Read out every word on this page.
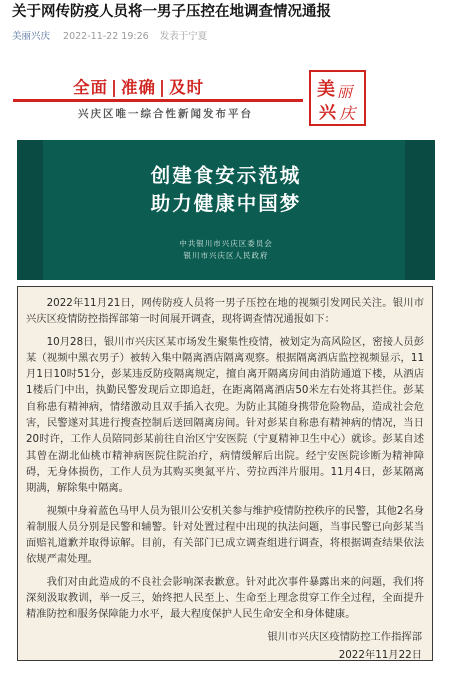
关于网传防疫人员将一男子压控在地调查情况通报
美丽兴庆 2022-11-22 19:26 发表于宁夏
全面 | 准确 | 及时
兴庆区唯一综合性新闻发布平台
美 丽
兴 庆
创建食安示范城
助力健康中国梦
中共银川市兴庆区委员会
银川市兴庆区人民政府

2022年11月21日，网传防疫人员将一男子压控在地的视频引发网民关注。银川市兴庆区疫情防控指挥部第一时间展开调查，现将调查情况通报如下：

10月28日，银川市兴庆区某市场发生聚集性疫情，被划定为高风险区，密接人员彭某（视频中黑衣男子）被转入集中隔离酒店隔离观察。根据隔离酒店监控视频显示，11月1日10时51分，彭某违反防疫隔离规定，擅自离开隔离房间由消防通道下楼，从酒店1楼后门中出，执勤民警发现后立即追赶，在距离隔离酒店50米左右处将其拦住。彭某自称患有精神病，情绪激动且双手插入衣兜。为防止其随身携带危险物品，造成社会危害，民警遂对其进行搜查控制后送回隔离房间。针对彭某自称患有精神病的情况，当日20时许，工作人员陪同彭某前往自治区宁安医院（宁夏精神卫生中心）就诊。彭某自述其曾在湖北仙桃市精神病医院住院治疗，病情缓解后出院。经宁安医院诊断为精神障碍，无身体损伤，工作人员为其购买奥氮平片、劳拉西泮片服用。11月4日，彭某隔离期满，解除集中隔离。

视频中身着蓝色马甲人员为银川公安机关参与维护疫情防控秩序的民警，其他2名身着制服人员分别是民警和辅警。针对处置过程中出现的执法问题，当事民警已向彭某当面赔礼道歉并取得谅解。目前，有关部门已成立调查组进行调查，将根据调查结果依法依规严肃处理。

我们对由此造成的不良社会影响深表歉意。针对此次事件暴露出来的问题，我们将深刻汲取教训，举一反三，始终把人民至上、生命至上理念贯穿工作全过程，全面提升精准防控和服务保障能力水平，最大程度保护人民生命安全和身体健康。

银川市兴庆区疫情防控工作指挥部
2022年11月22日
